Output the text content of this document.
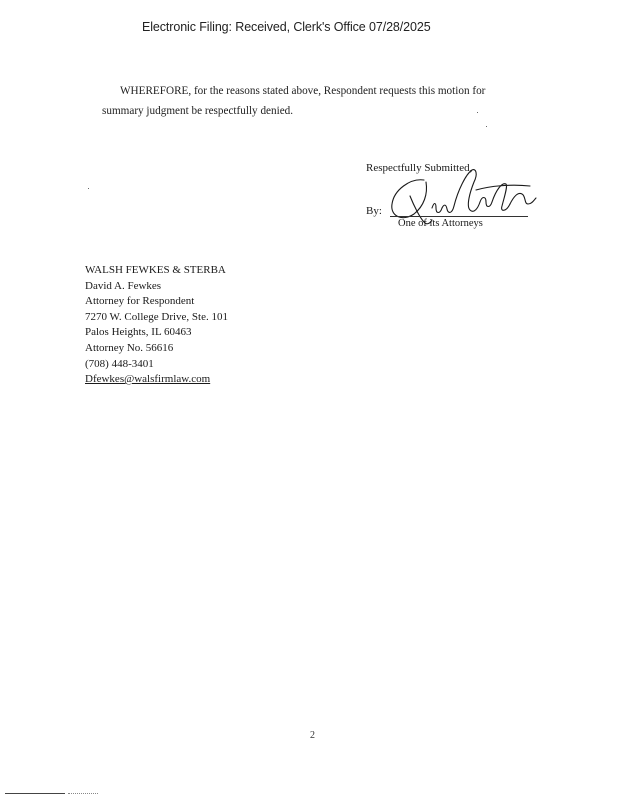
Electronic Filing: Received, Clerk's Office 07/28/2025
WHEREFORE, for the reasons stated above, Respondent requests this motion for
summary judgment be respectfully denied.
Respectfully Submitted,
By:
One of its Attorneys
WALSH FEWKES & STERBA
David A. Fewkes
Attorney for Respondent
7270 W. College Drive, Ste. 101
Palos Heights, IL 60463
Attorney No. 56616
(708) 448-3401
Dfewkes@walsfirmlaw.com
2
